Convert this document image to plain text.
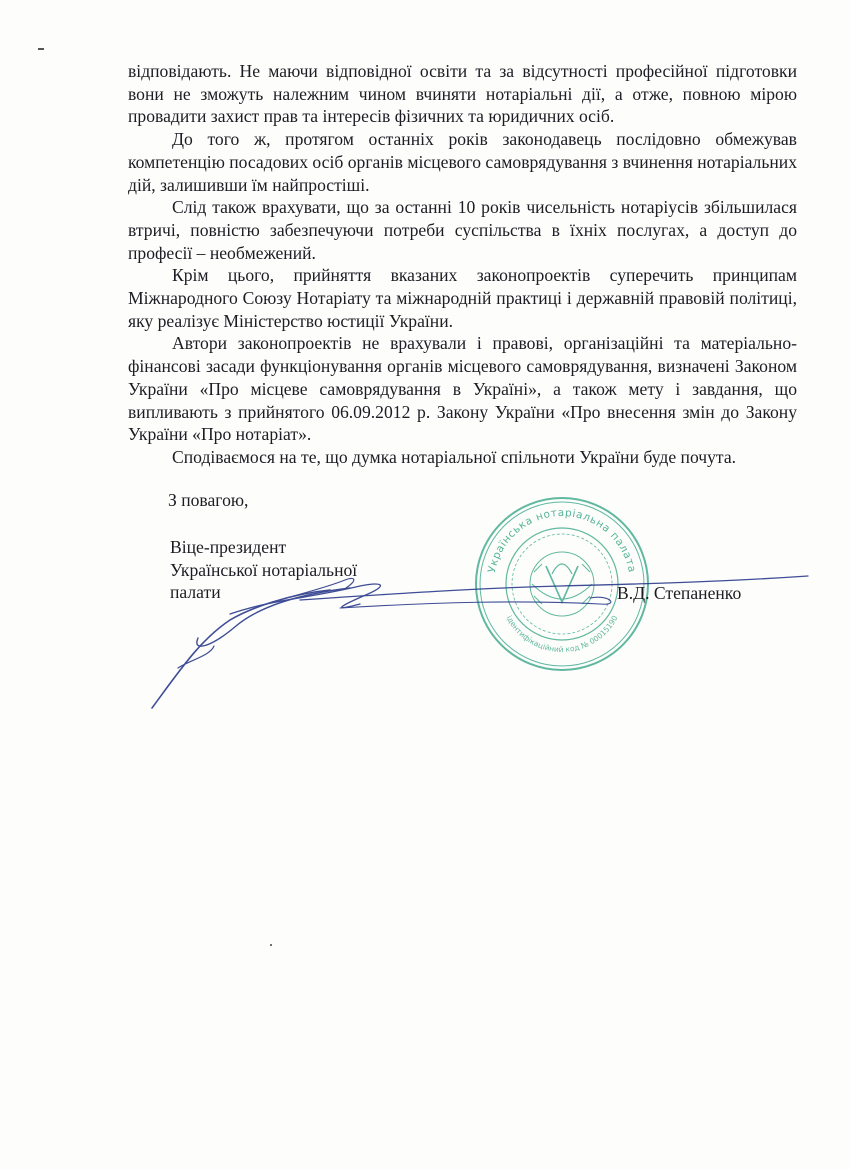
відповідають. Не маючи відповідної освіти та за відсутності професійної підготовки вони не зможуть належним чином вчиняти нотаріальні дії, а отже, повною мірою провадити захист прав та інтересів фізичних та юридичних осіб.

До того ж, протягом останніх років законодавець послідовно обмежував компетенцію посадових осіб органів місцевого самоврядування з вчинення нотаріальних дій, залишивши їм найпростіші.

Слід також врахувати, що за останні 10 років чисельність нотаріусів збільшилася втричі, повністю забезпечуючи потреби суспільства в їхніх послугах, а доступ до професії – необмежений.

Крім цього, прийняття вказаних законопроектів суперечить принципам Міжнародного Союзу Нотаріату та міжнародній практиці і державній правовій політиці, яку реалізує Міністерство юстиції України.

Автори законопроектів не врахували і правові, організаційні та матеріально-фінансові засади функціонування органів місцевого самоврядування, визначені Законом України «Про місцеве самоврядування в Україні», а також мету і завдання, що випливають з прийнятого 06.09.2012 р. Закону України «Про внесення змін до Закону України «Про нотаріат».

Сподіваємося на те, що думка нотаріальної спільноти України буде почута.

З повагою,
Віце-президент
Української нотаріальної
палати
Українська нотаріальна палата
ідентифікаційний код № 00015190
В.Д. Степаненко
